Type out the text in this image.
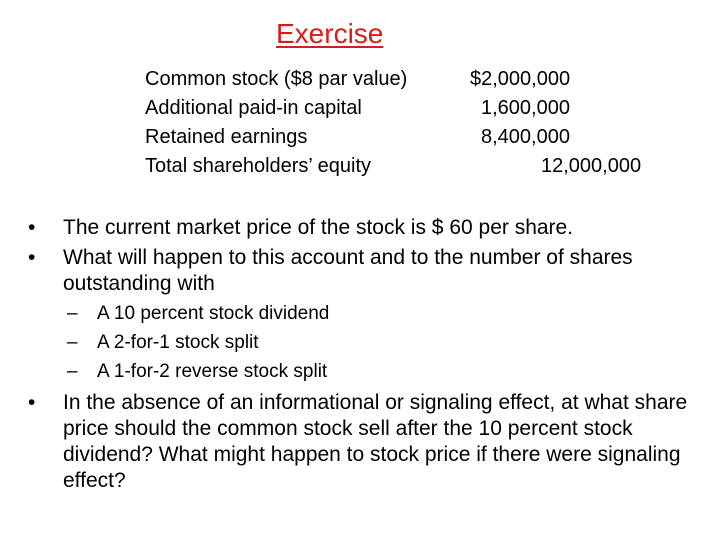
Exercise
Common stock ($8 par value)
Additional paid-in capital
Retained earnings
Total shareholders’ equity
$2,000,000
1,600,000
8,400,000
12,000,000
• The current market price of the stock is $ 60 per share.
• What will happen to this account and to the number of shares outstanding with
– A 10 percent stock dividend
– A 2-for-1 stock split
– A 1-for-2 reverse stock split
• In the absence of an informational or signaling effect, at what share price should the common stock sell after the 10 percent stock dividend? What might happen to stock price if there were signaling effect?
